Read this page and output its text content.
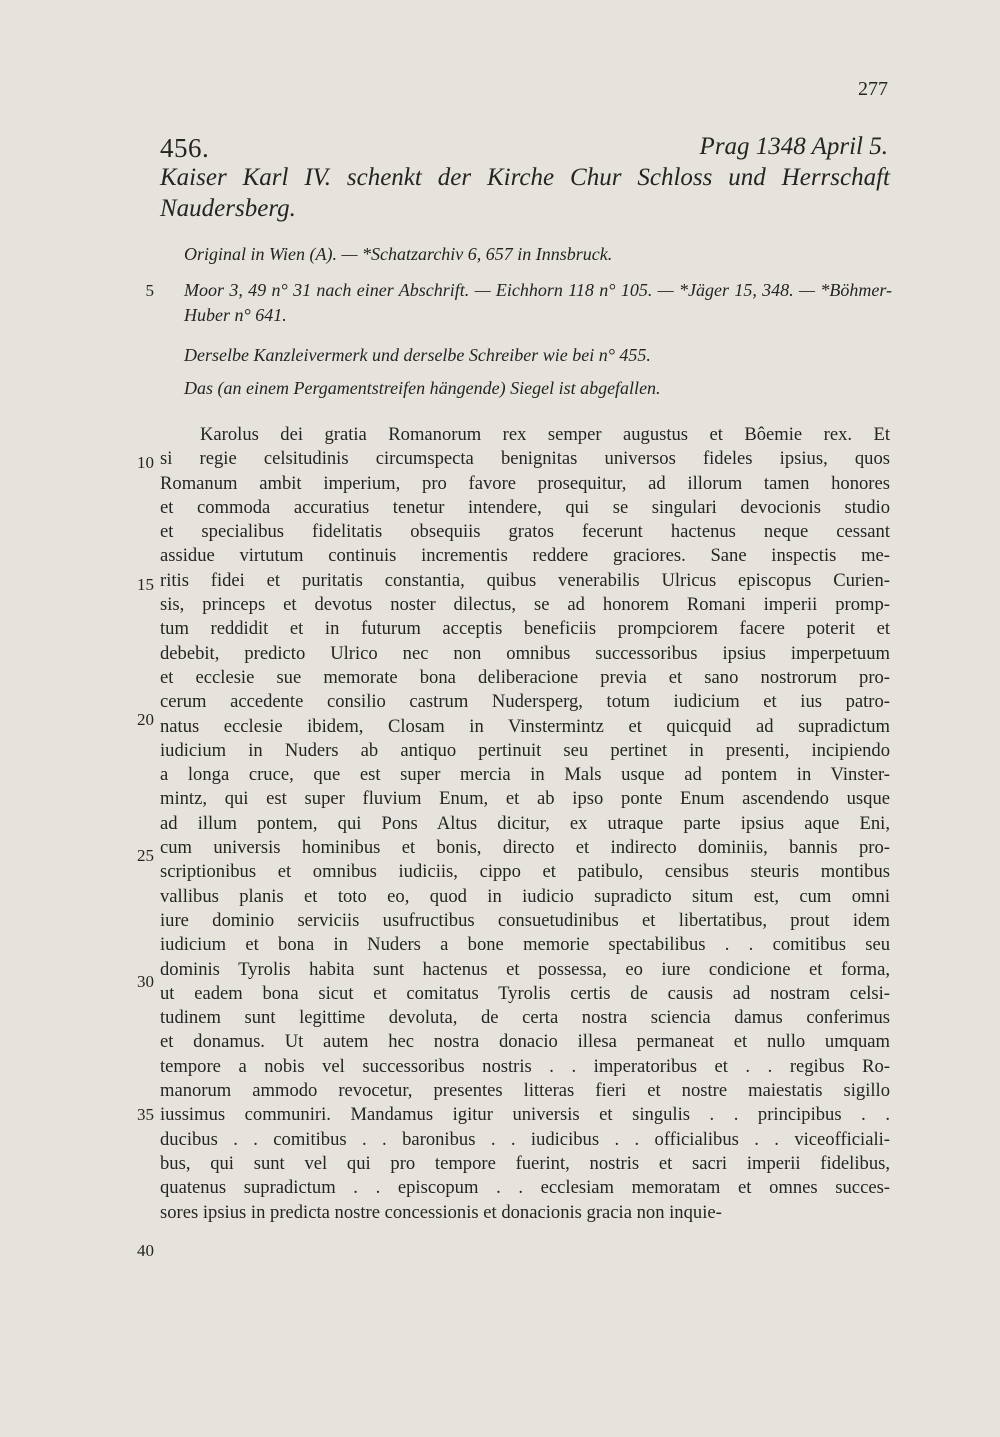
277
456.	Prag 1348 April 5.
Kaiser Karl IV. schenkt der Kirche Chur Schloss und Herrschaft Naudersberg.
Original in Wien (A). — *Schatzarchiv 6, 657 in Innsbruck.
5 Moor 3, 49 n° 31 nach einer Abschrift. — Eichhorn 118 n° 105. — *Jäger 15, 348. — *Böhmer-Huber n° 641.
Derselbe Kanzleivermerk und derselbe Schreiber wie bei n° 455.
Das (an einem Pergamentstreifen hängende) Siegel ist abgefallen.
10
15
20
25
30
35
40
Karolus dei gratia Romanorum rex semper augustus et Bôemie rex. Et
si regie celsitudinis circumspecta benignitas universos fideles ipsius, quos
Romanum ambit imperium, pro favore prosequitur, ad illorum tamen honores
et commoda accuratius tenetur intendere, qui se singulari devocionis studio
et specialibus fidelitatis obsequiis gratos fecerunt hactenus neque cessant
assidue virtutum continuis incrementis reddere graciores. Sane inspectis me-
ritis fidei et puritatis constantia, quibus venerabilis Ulricus episcopus Curien-
sis, princeps et devotus noster dilectus, se ad honorem Romani imperii promp-
tum reddidit et in futurum acceptis beneficiis prompciorem facere poterit et
debebit, predicto Ulrico nec non omnibus successoribus ipsius imperpetuum
et ecclesie sue memorate bona deliberacione previa et sano nostrorum pro-
cerum accedente consilio castrum Nudersperg, totum iudicium et ius patro-
natus ecclesie ibidem, Closam in Vinstermintz et quicquid ad supradictum
iudicium in Nuders ab antiquo pertinuit seu pertinet in presenti, incipiendo
a longa cruce, que est super mercia in Mals usque ad pontem in Vinster-
mintz, qui est super fluvium Enum, et ab ipso ponte Enum ascendendo usque
ad illum pontem, qui Pons Altus dicitur, ex utraque parte ipsius aque Eni,
cum universis hominibus et bonis, directo et indirecto dominiis, bannis pro-
scriptionibus et omnibus iudiciis, cippo et patibulo, censibus steuris montibus
vallibus planis et toto eo, quod in iudicio supradicto situm est, cum omni
iure dominio serviciis usufructibus consuetudinibus et libertatibus, prout idem
iudicium et bona in Nuders a bone memorie spectabilibus . . comitibus seu
dominis Tyrolis habita sunt hactenus et possessa, eo iure condicione et forma,
ut eadem bona sicut et comitatus Tyrolis certis de causis ad nostram celsi-
tudinem sunt legittime devoluta, de certa nostra sciencia damus conferimus
et donamus. Ut autem hec nostra donacio illesa permaneat et nullo umquam
tempore a nobis vel successoribus nostris . . imperatoribus et . . regibus Ro-
manorum ammodo revocetur, presentes litteras fieri et nostre maiestatis sigillo
iussimus communiri. Mandamus igitur universis et singulis . . principibus . .
ducibus . . comitibus . . baronibus . . iudicibus . . officialibus . . viceofficiali-
bus, qui sunt vel qui pro tempore fuerint, nostris et sacri imperii fidelibus,
quatenus supradictum . . episcopum . . ecclesiam memoratam et omnes succes-
sores ipsius in predicta nostre concessionis et donacionis gracia non inquie-
